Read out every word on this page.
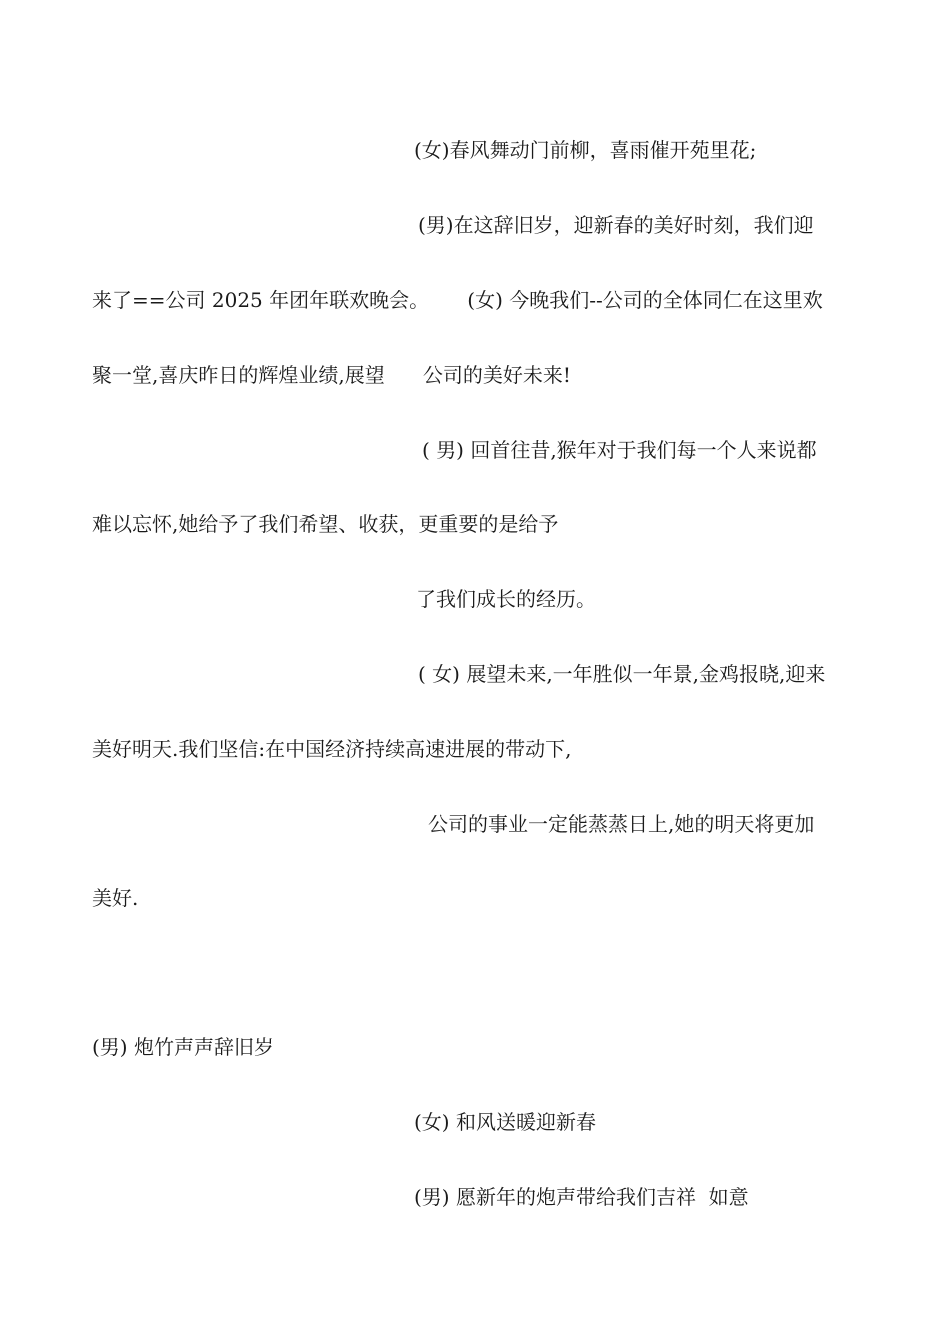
(女)春风舞动门前柳，喜雨催开苑里花;
(男)在这辞旧岁，迎新春的美好时刻，我们迎
来了==公司 2025 年团年联欢晚会。      (女) 今晚我们--公司的全体同仁在这里欢
聚一堂,喜庆昨日的辉煌业绩,展望      公司的美好未来!
( 男) 回首往昔,猴年对于我们每一个人来说都
难以忘怀,她给予了我们希望、收获，更重要的是给予
了我们成长的经历。
( 女) 展望未来,一年胜似一年景,金鸡报晓,迎来
美好明天.我们坚信:在中国经济持续高速进展的带动下,
公司的事业一定能蒸蒸日上,她的明天将更加
美好.
(男) 炮竹声声辞旧岁
(女) 和风送暖迎新春
(男) 愿新年的炮声带给我们吉祥  如意
